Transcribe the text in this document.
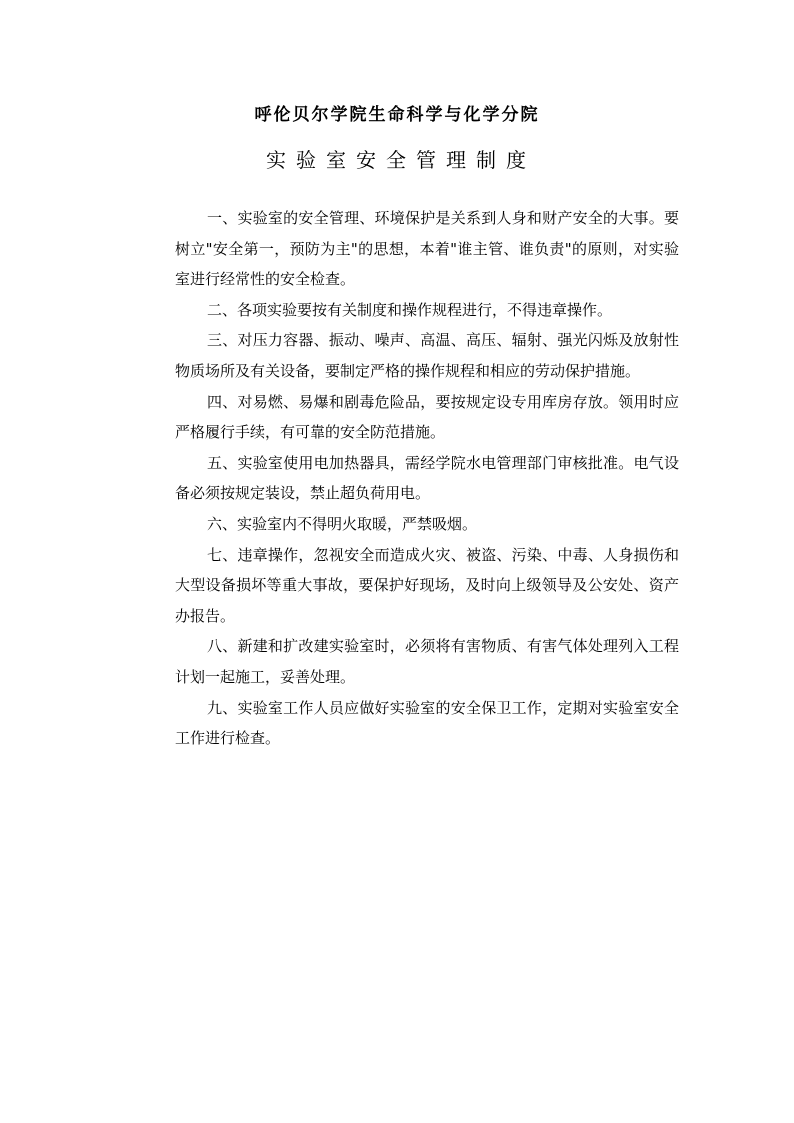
呼伦贝尔学院生命科学与化学分院
实验室安全管理制度

一、实验室的安全管理、环境保护是关系到人身和财产安全的大事。要树立"安全第一，预防为主"的思想，本着"谁主管、谁负责"的原则，对实验室进行经常性的安全检查。

二、各项实验要按有关制度和操作规程进行，不得违章操作。

三、对压力容器、振动、噪声、高温、高压、辐射、强光闪烁及放射性物质场所及有关设备，要制定严格的操作规程和相应的劳动保护措施。

四、对易燃、易爆和剧毒危险品，要按规定设专用库房存放。领用时应严格履行手续，有可靠的安全防范措施。

五、实验室使用电加热器具，需经学院水电管理部门审核批准。电气设备必须按规定装设，禁止超负荷用电。

六、实验室内不得明火取暖，严禁吸烟。

七、违章操作，忽视安全而造成火灾、被盗、污染、中毒、人身损伤和大型设备损坏等重大事故，要保护好现场，及时向上级领导及公安处、资产办报告。

八、新建和扩改建实验室时，必须将有害物质、有害气体处理列入工程计划一起施工，妥善处理。

九、实验室工作人员应做好实验室的安全保卫工作，定期对实验室安全工作进行检查。
